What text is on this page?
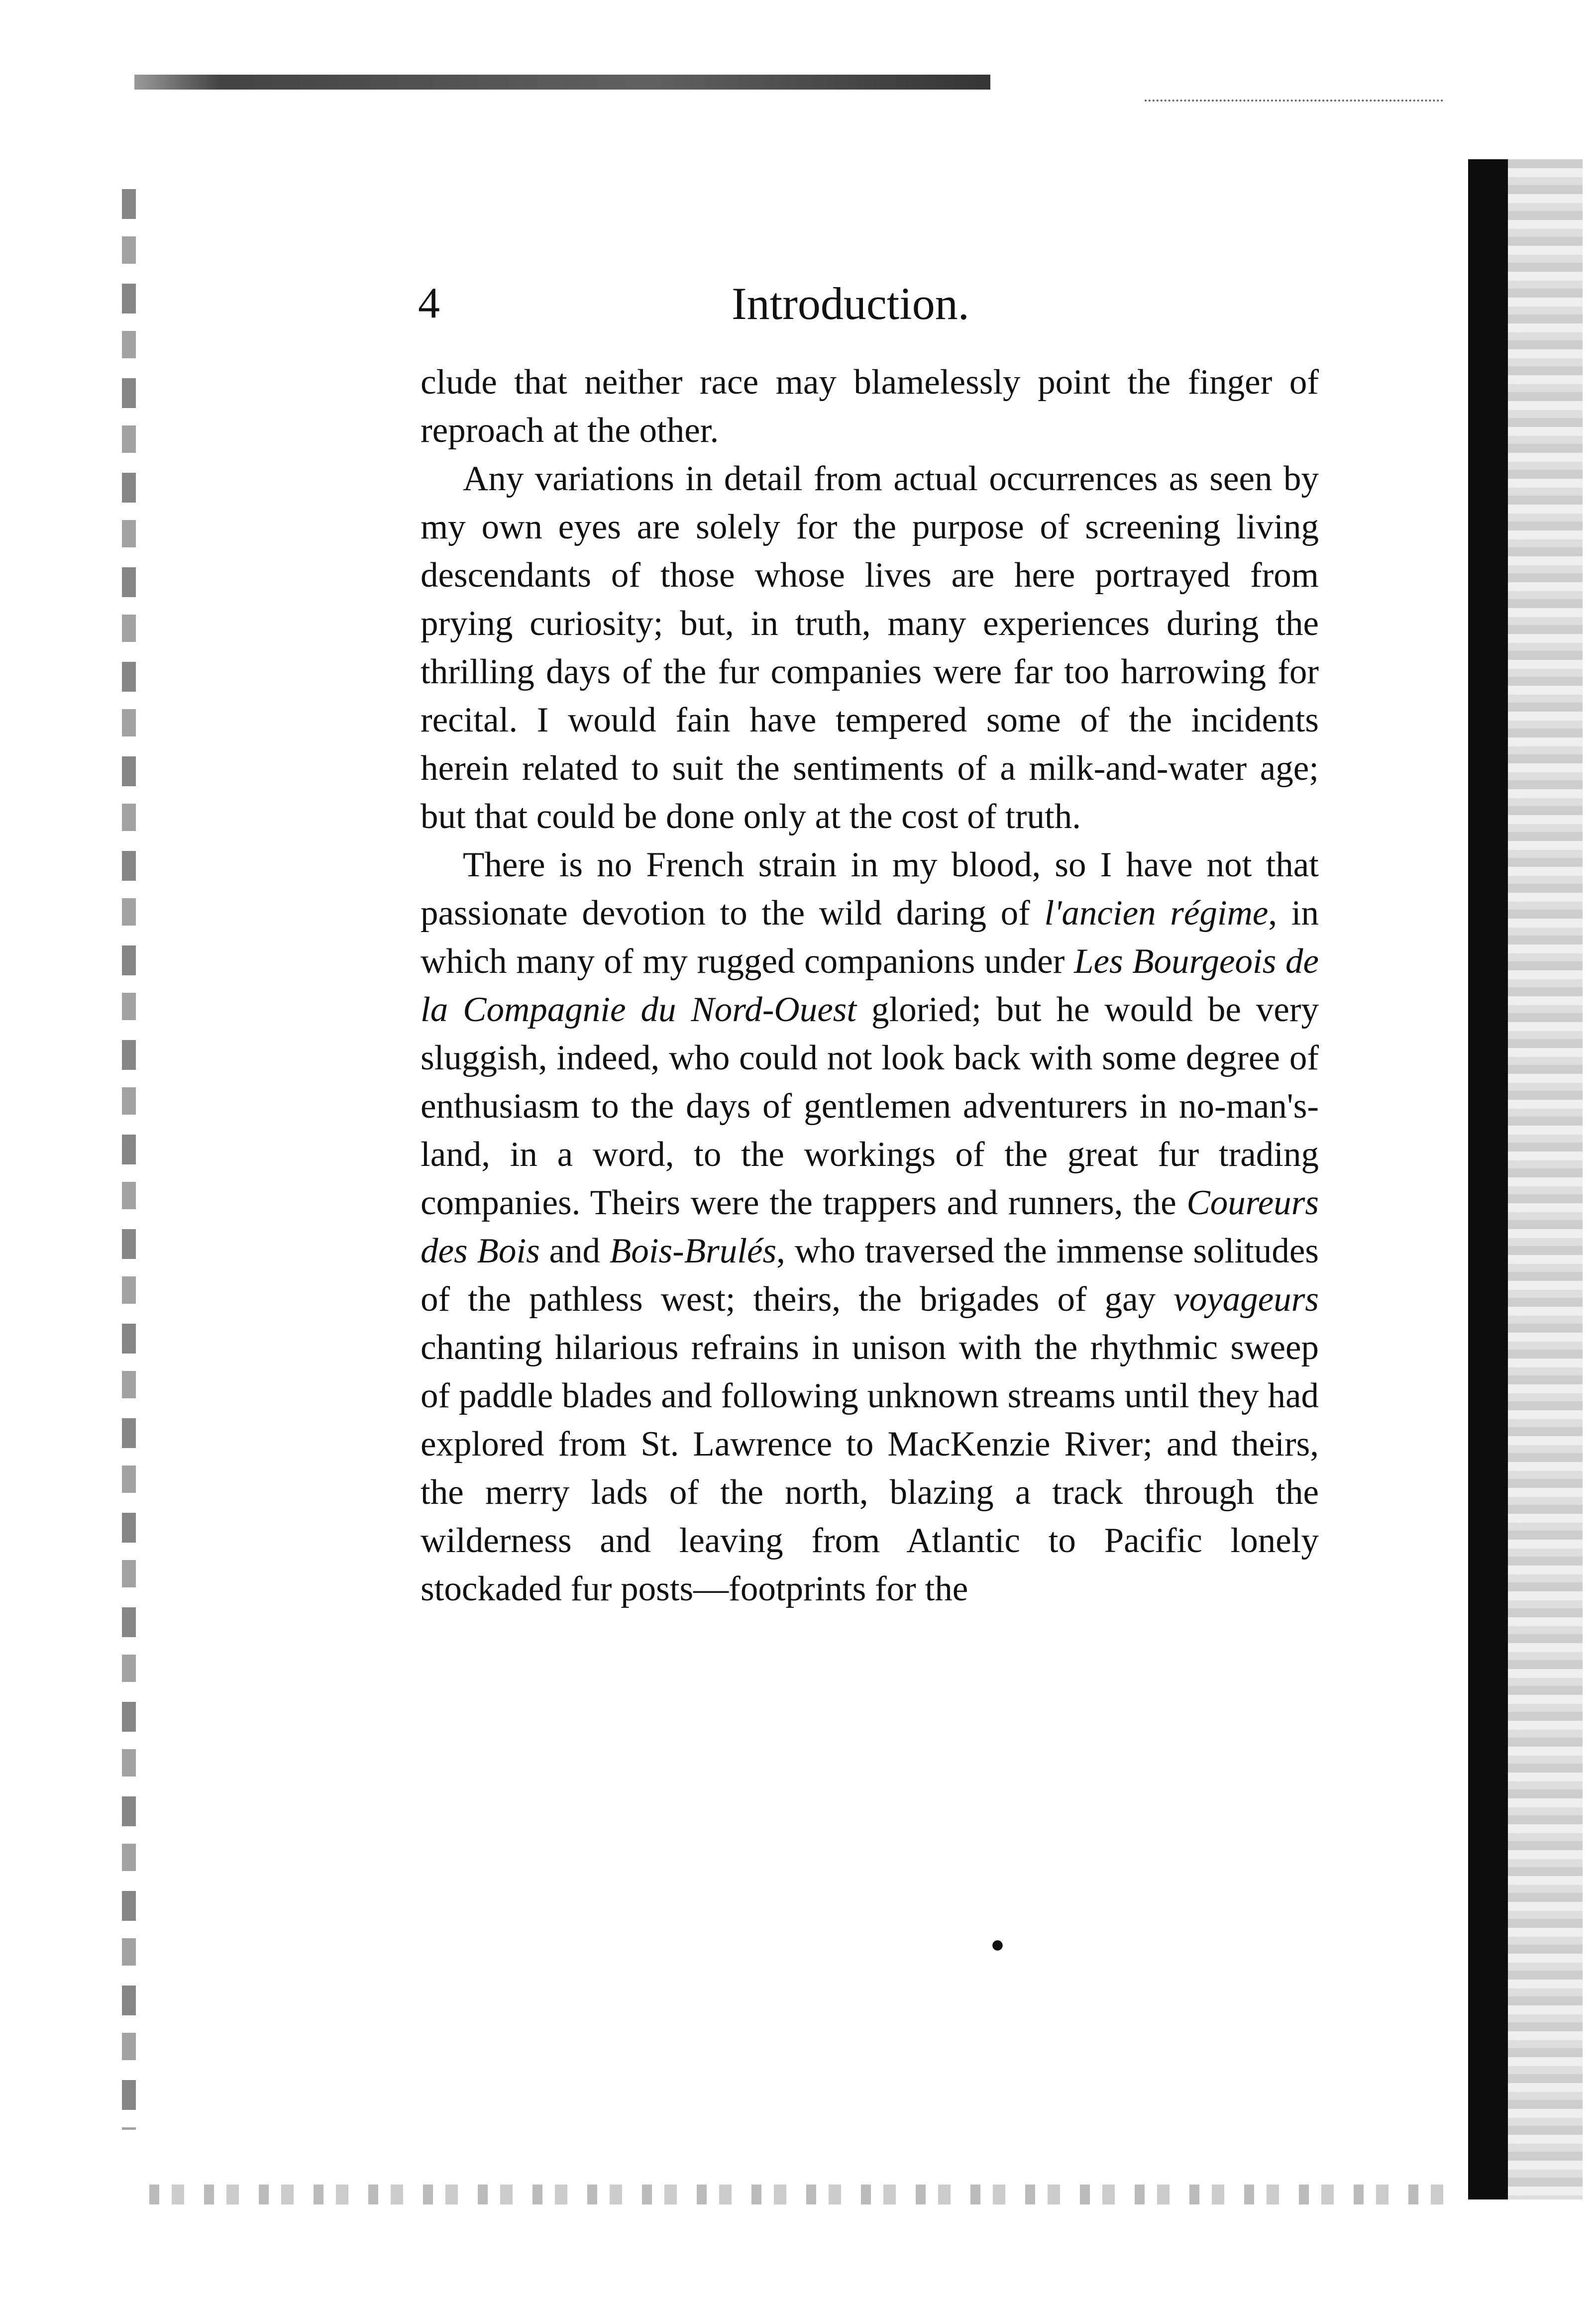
4	Introduction.

clude that neither race may blamelessly point the finger of reproach at the other.

Any variations in detail from actual occurrences as seen by my own eyes are solely for the purpose of screening living descendants of those whose lives are here portrayed from prying curiosity; but, in truth, many experiences during the thrilling days of the fur companies were far too harrowing for recital. I would fain have tempered some of the incidents herein related to suit the sentiments of a milk-and-water age; but that could be done only at the cost of truth.

There is no French strain in my blood, so I have not that passionate devotion to the wild daring of l'ancien régime, in which many of my rugged companions under Les Bourgeois de la Compagnie du Nord-Ouest gloried; but he would be very sluggish, indeed, who could not look back with some degree of enthusiasm to the days of gentlemen adventurers in no-man's-land, in a word, to the workings of the great fur trading companies. Theirs were the trappers and runners, the Coureurs des Bois and Bois-Brulés, who traversed the immense solitudes of the pathless west; theirs, the brigades of gay voyageurs chanting hilarious refrains in unison with the rhythmic sweep of paddle blades and following unknown streams until they had explored from St. Lawrence to MacKenzie River; and theirs, the merry lads of the north, blazing a track through the wilderness and leaving from Atlantic to Pacific lonely stockaded fur posts—footprints for the

●
